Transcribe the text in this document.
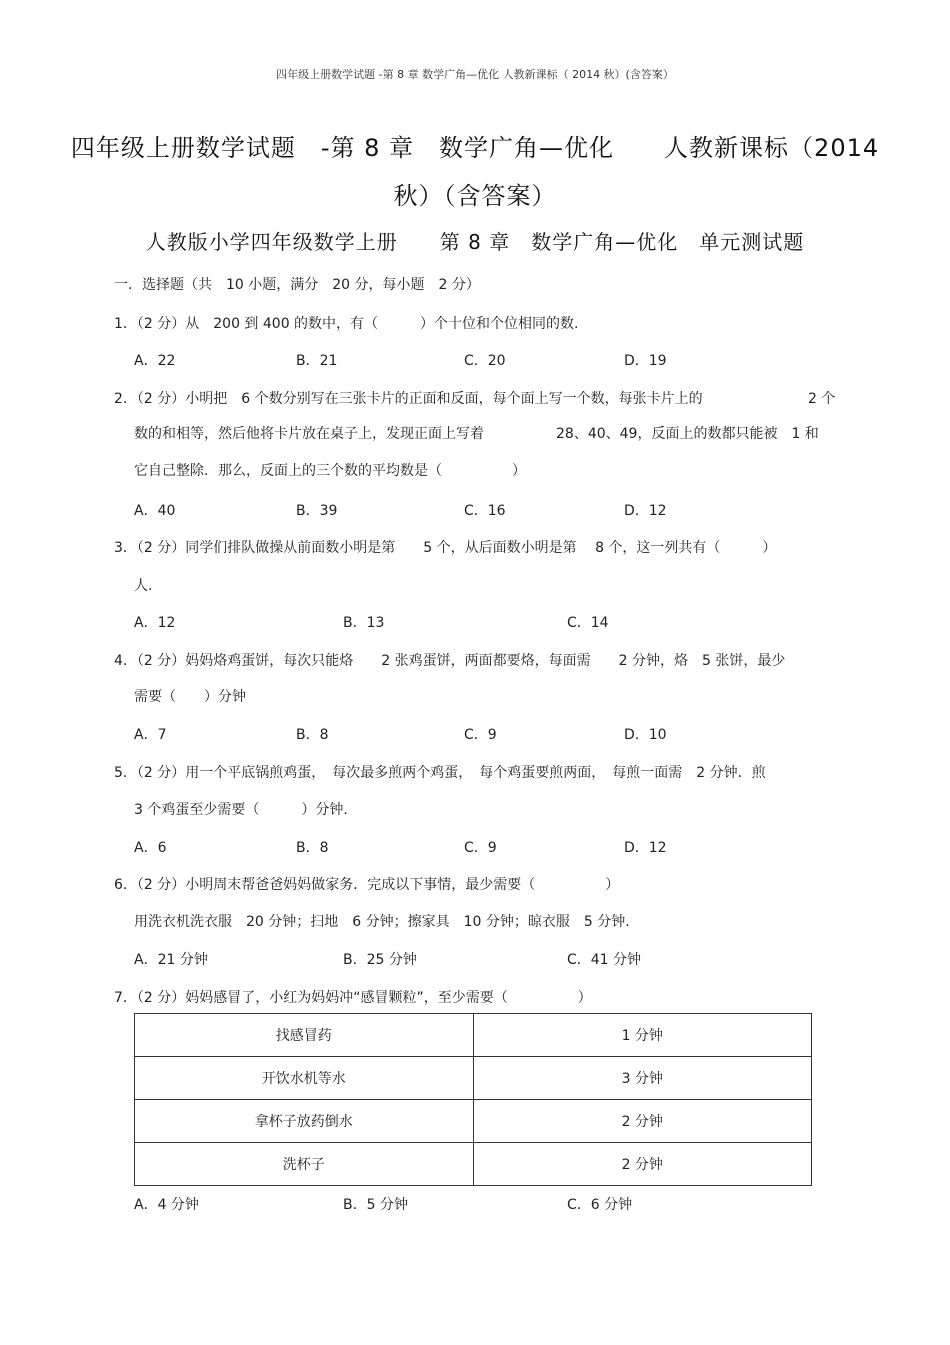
四年级上册数学试题 -第 8 章 数学广角—优化 人教新课标（ 2014 秋）(含答案）
四年级上册数学试题　-第 8 章　数学广角—优化　　人教新课标（2014
秋）（含答案）
人教版小学四年级数学上册　　第 8 章　数学广角—优化　单元测试题
一．选择题（共　10 小题，满分　20 分，每小题　2 分）
1．（2 分）从　200 到 400 的数中，有（　　　）个十位和个位相同的数.
A．22	B．21	C．20	D．19
2．（2 分）小明把　6 个数分别写在三张卡片的正面和反面，每个面上写一个数，每张卡片上的	2 个
数的和相等，然后他将卡片放在桌子上，发现正面上写着	28、40、49，反面上的数都只能被　1 和
它自己整除．那么，反面上的三个数的平均数是（　　　　　）
A．40	B．39	C．16	D．12
3．（2 分）同学们排队做操从前面数小明是第　　5 个，从后面数小明是第　 8 个，这一列共有（　　　）
人.
A．12	B．13	C．14
4．（2 分）妈妈烙鸡蛋饼，每次只能烙　　2 张鸡蛋饼，两面都要烙，每面需　　2 分钟，烙　5 张饼，最少
需要（　　）分钟
A．7	B．8	C．9	D．10
5．（2 分）用一个平底锅煎鸡蛋，　每次最多煎两个鸡蛋，　每个鸡蛋要煎两面，　每煎一面需　2 分钟．煎
3 个鸡蛋至少需要（　　　）分钟.
A．6	B．8	C．9	D．12
6．（2 分）小明周末帮爸爸妈妈做家务．完成以下事情，最少需要（　　　　　）
用洗衣机洗衣服　20 分钟；扫地　6 分钟；擦家具　10 分钟；晾衣服　5 分钟.
A．21 分钟	B．25 分钟	C．41 分钟
7．（2 分）妈妈感冒了，小红为妈妈冲“感冒颗粒”，至少需要（　　　　　）
找感冒药	1 分钟
开饮水机等水	3 分钟
拿杯子放药倒水	2 分钟
洗杯子	2 分钟
A．4 分钟	B．5 分钟	C．6 分钟
